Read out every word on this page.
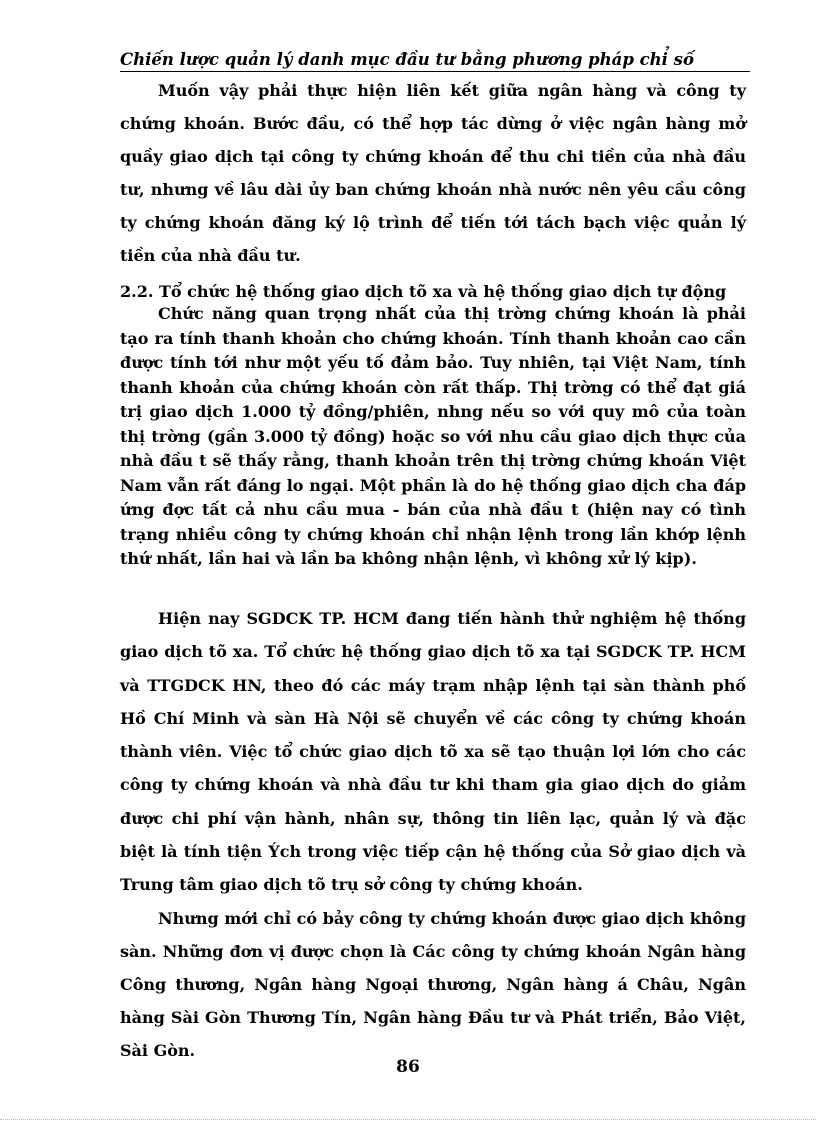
Chiến lược quản lý danh mục đầu tư bằng phương pháp chỉ số

Muốn vậy phải thực hiện liên kết giữa ngân hàng và công ty chứng khoán. Bước đầu, có thể hợp tác dừng ở việc ngân hàng mở quầy giao dịch tại công ty chứng khoán để thu chi tiền của nhà đầu tư, nhưng về lâu dài ủy ban chứng khoán nhà nước nên yêu cầu công ty chứng khoán đăng ký lộ trình để tiến tới tách bạch việc quản lý tiền của nhà đầu tư.

2.2. Tổ chức hệ thống giao dịch tõ xa và hệ thống giao dịch tự động

Chức năng quan trọng nhất của thị trờng chứng khoán là phải tạo ra tính thanh khoản cho chứng khoán. Tính thanh khoản cao cần được tính tới như một yếu tố đảm bảo. Tuy nhiên, tại Việt Nam, tính thanh khoản của chứng khoán còn rất thấp. Thị trờng có thể đạt giá trị giao dịch 1.000 tỷ đồng/phiên, nhng nếu so với quy mô của toàn thị trờng (gần 3.000 tỷ đồng) hoặc so với nhu cầu giao dịch thực của nhà đầu t sẽ thấy rằng, thanh khoản trên thị trờng chứng khoán Việt Nam vẫn rất đáng lo ngại. Một phần là do hệ thống giao dịch cha đáp ứng đợc tất cả nhu cầu mua - bán của nhà đầu t (hiện nay có tình trạng nhiều công ty chứng khoán chỉ nhận lệnh trong lần khớp lệnh thứ nhất, lần hai và lần ba không nhận lệnh, vì không xử lý kịp).

Hiện nay SGDCK TP. HCM đang tiến hành thử nghiệm hệ thống giao dịch tõ xa. Tổ chức hệ thống giao dịch tõ xa tại SGDCK TP. HCM và TTGDCK HN, theo đó các máy trạm nhập lệnh tại sàn thành phố Hồ Chí Minh và sàn Hà Nội sẽ chuyển về các công ty chứng khoán thành viên. Việc tổ chức giao dịch tõ xa sẽ tạo thuận lợi lớn cho các công ty chứng khoán và nhà đầu tư khi tham gia giao dịch do giảm được chi phí vận hành, nhân sự, thông tin liên lạc, quản lý và đặc biệt là tính tiện Ých trong việc tiếp cận hệ thống của Sở giao dịch và Trung tâm giao dịch tõ trụ sở công ty chứng khoán.

Nhưng mới chỉ có bảy công ty chứng khoán được giao dịch không sàn. Những đơn vị được chọn là Các công ty chứng khoán Ngân hàng Công thương, Ngân hàng Ngoại thương, Ngân hàng á Châu, Ngân hàng Sài Gòn Thương Tín, Ngân hàng Đầu tư và Phát triển, Bảo Việt, Sài Gòn.

86
